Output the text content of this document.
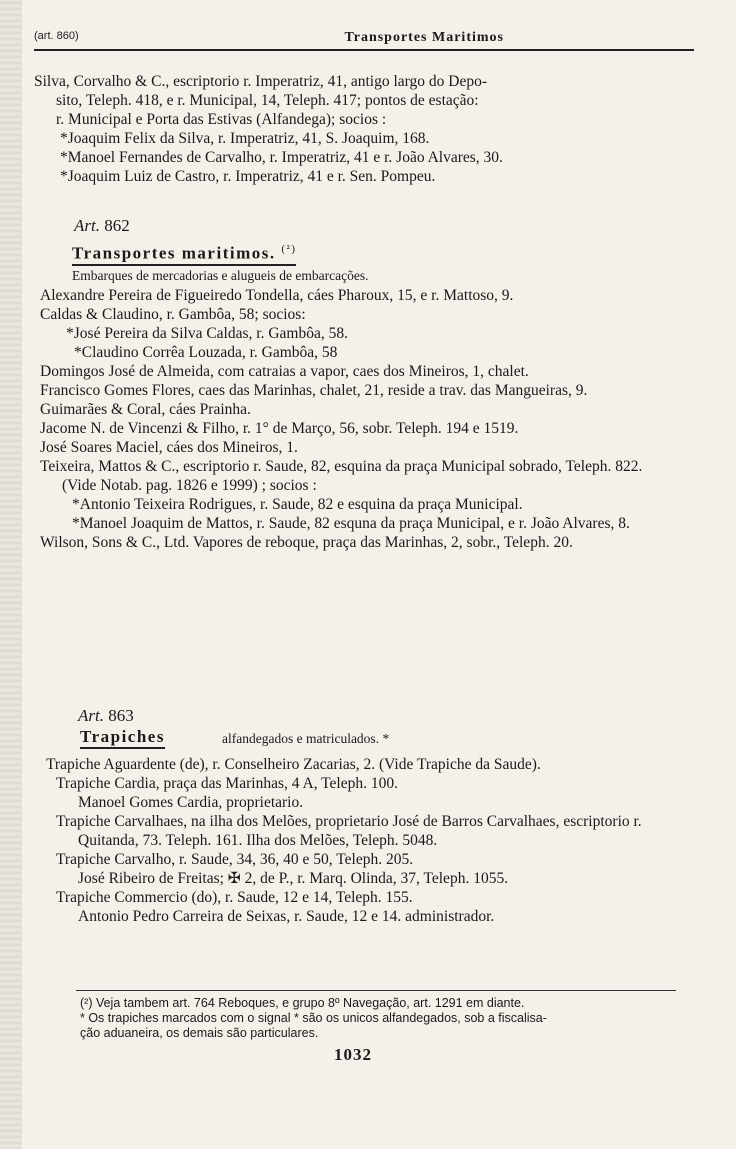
(art. 860)	Transportes Maritimos
Silva, Corvalho & C., escriptorio r. Imperatriz, 41, antigo largo do Depo-
sito, Teleph. 418, e r. Municipal, 14, Teleph. 417; pontos de estação:
r. Municipal e Porta das Estivas (Alfandega); socios :
*Joaquim Felix da Silva, r. Imperatriz, 41, S. Joaquim, 168.
*Manoel Fernandes de Carvalho, r. Imperatriz, 41 e r. João Alvares, 30.
*Joaquim Luiz de Castro, r. Imperatriz, 41 e r. Sen. Pompeu.
Art. 862
Transportes maritimos. $^{(^2)}$
Embarques de mercadorias e alugueis de embarcações.
Alexandre Pereira de Figueiredo Tondella, cáes Pharoux, 15, e r. Mattoso, 9.
Caldas & Claudino, r. Gambôa, 58; socios:
*José Pereira da Silva Caldas, r. Gambôa, 58.
*Claudino Corrêa Louzada, r. Gambôa, 58
Domingos José de Almeida, com catraias a vapor, caes dos Mineiros, 1, chalet.
Francisco Gomes Flores, caes das Marinhas, chalet, 21, reside a trav. das Mangueiras, 9.
Guimarães & Coral, cáes Prainha.
Jacome N. de Vincenzi & Filho, r. 1° de Março, 56, sobr. Teleph. 194 e 1519.
José Soares Maciel, cáes dos Mineiros, 1.
Teixeira, Mattos & C., escriptorio r. Saude, 82, esquina da praça Municipal sobrado, Teleph. 822. (Vide Notab. pag. 1826 e 1999) ; socios :
*Antonio Teixeira Rodrigues, r. Saude, 82 e esquina da praça Municipal.
*Manoel Joaquim de Mattos, r. Saude, 82 esquna da praça Municipal, e r. João Alvares, 8.
Wilson, Sons & C., Ltd. Vapores de reboque, praça das Marinhas, 2, sobr., Teleph. 20.
Art. 863
Trapiches	alfandegados e matriculados. *
Trapiche Aguardente (de), r. Conselheiro Zacarias, 2. (Vide Trapiche da Saude).
Trapiche Cardia, praça das Marinhas, 4 A, Teleph. 100.
Manoel Gomes Cardia, proprietario.
Trapiche Carvalhaes, na ilha dos Melões, proprietario José de Barros Carvalhaes, escriptorio r. Quitanda, 73. Teleph. 161. Ilha dos Melões, Teleph. 5048.
Trapiche Carvalho, r. Saude, 34, 36, 40 e 50, Teleph. 205.
José Ribeiro de Freitas; ✠ 2, de P., r. Marq. Olinda, 37, Teleph. 1055.
Trapiche Commercio (do), r. Saude, 12 e 14, Teleph. 155.
Antonio Pedro Carreira de Seixas, r. Saude, 12 e 14. administrador.
(²) Veja tambem art. 764 Reboques, e grupo 8º Navegação, art. 1291 em diante.
* Os trapiches marcados com o signal * são os unicos alfandegados, sob a fiscalisa-
ção aduaneira, os demais são particulares.
1032
